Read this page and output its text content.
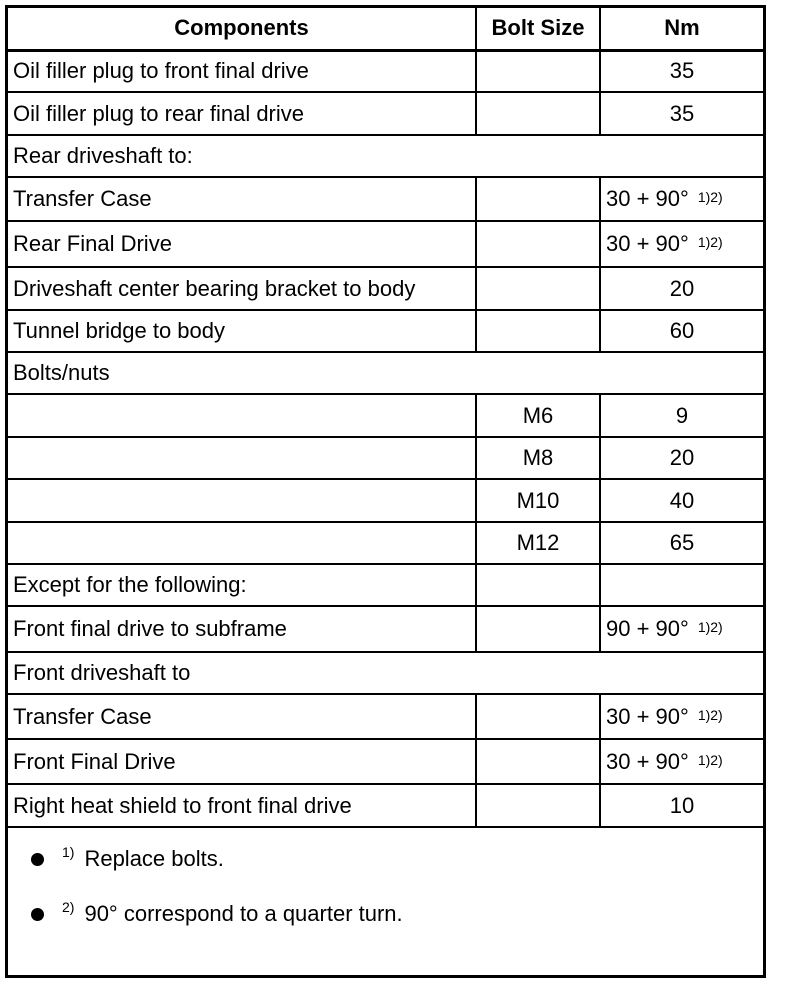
Components	Bolt Size	Nm
Oil filler plug to front final drive		35
Oil filler plug to rear final drive		35
Rear driveshaft to:		
Transfer Case		30 + 90° $^{1)2)}$
Rear Final Drive		30 + 90° $^{1)2)}$
Driveshaft center bearing bracket to body		20
Tunnel bridge to body		60
Bolts/nuts		
	M6	9
	M8	20
	M10	40
	M12	65
Except for the following:		
Front final drive to subframe		90 + 90° $^{1)2)}$
Front driveshaft to		
Transfer Case		30 + 90° $^{1)2)}$
Front Final Drive		30 + 90° $^{1)2)}$
Right heat shield to front final drive		10
$^{1)}$ Replace bolts.
$^{2)}$ 90° correspond to a quarter turn.
